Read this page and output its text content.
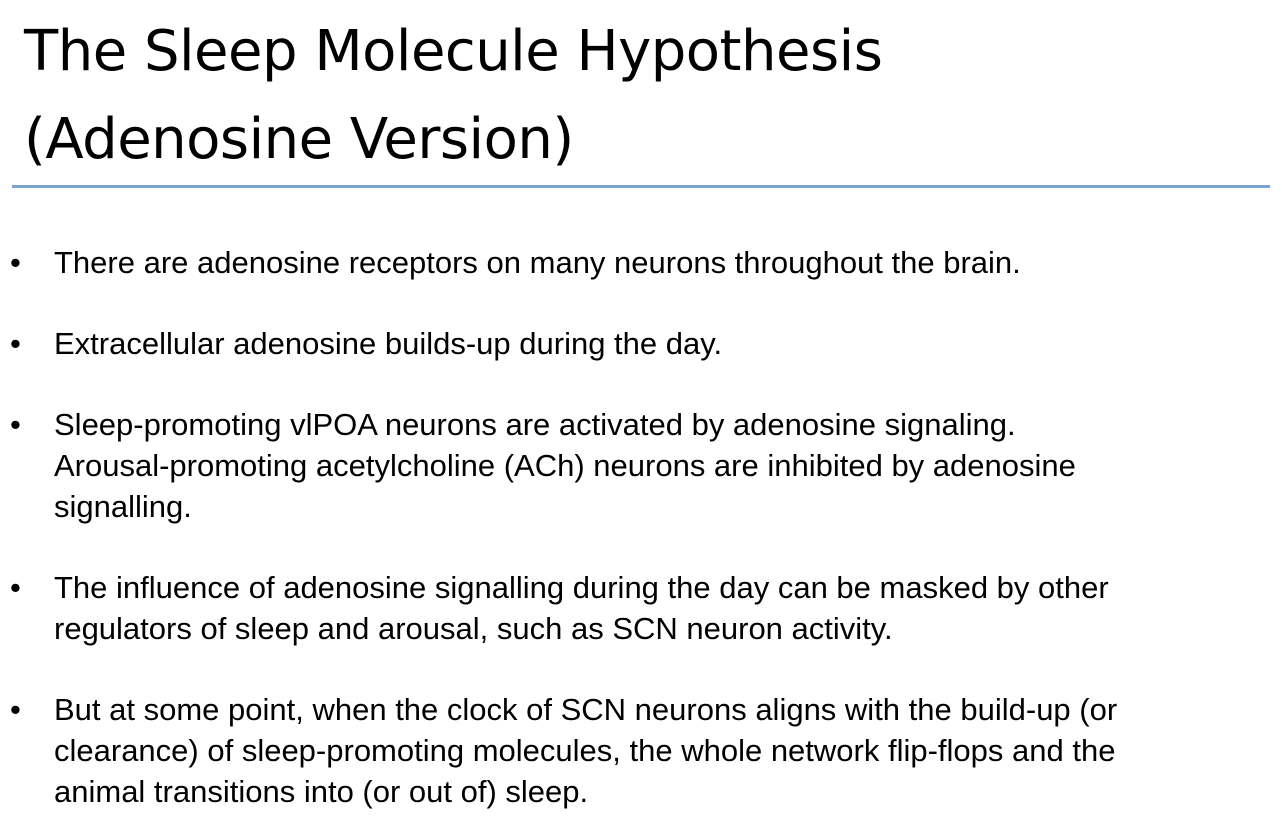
The Sleep Molecule Hypothesis
(Adenosine Version)
• There are adenosine receptors on many neurons throughout the brain.
• Extracellular adenosine builds-up during the day.
• Sleep-promoting vlPOA neurons are activated by adenosine signaling.
Arousal-promoting acetylcholine (ACh) neurons are inhibited by adenosine
signalling.
• The influence of adenosine signalling during the day can be masked by other
regulators of sleep and arousal, such as SCN neuron activity.
• But at some point, when the clock of SCN neurons aligns with the build-up (or
clearance) of sleep-promoting molecules, the whole network flip-flops and the
animal transitions into (or out of) sleep.
